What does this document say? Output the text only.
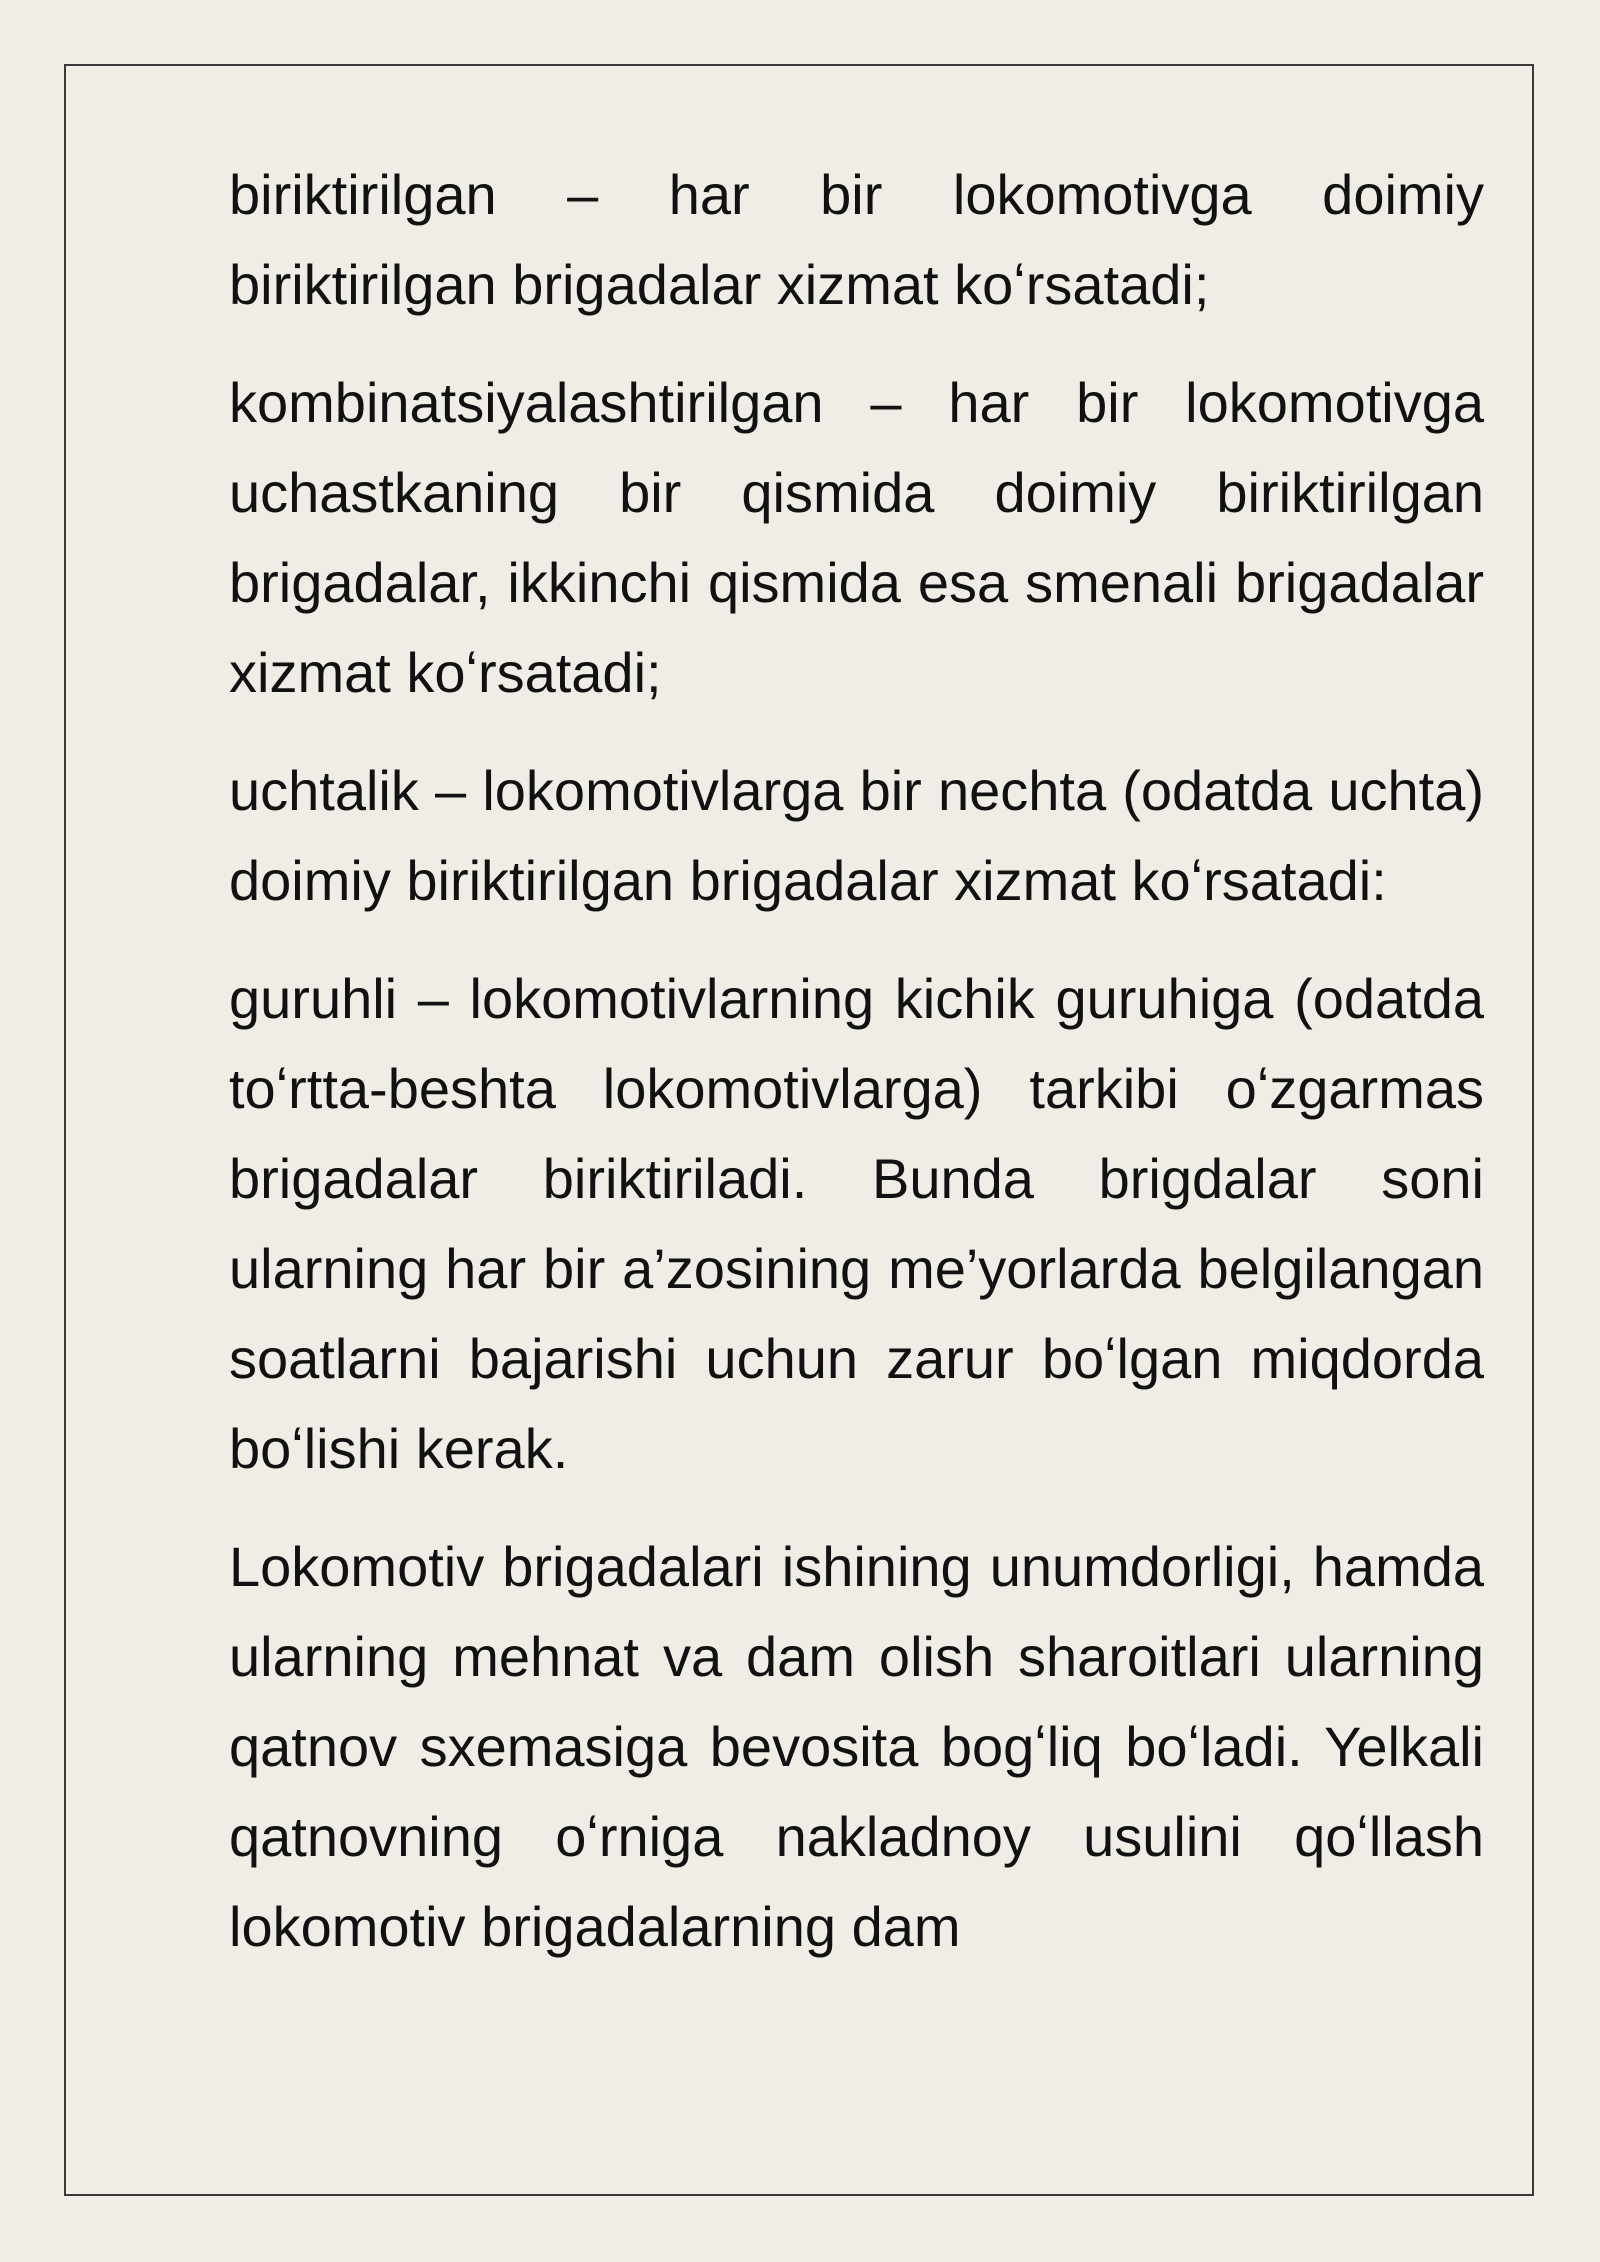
biriktirilgan – har bir lokomotivga doimiy biriktirilgan brigadalar xizmat koʻrsatadi;

kombinatsiyalashtirilgan – har bir lokomotivga uchastkaning bir qismida doimiy biriktirilgan brigadalar, ikkinchi qismida esa smenali brigadalar xizmat koʻrsatadi;

uchtalik – lokomotivlarga bir nechta (odatda uchta) doimiy biriktirilgan brigadalar xizmat koʻrsatadi:

guruhli – lokomotivlarning kichik guruhiga (odatda toʻrtta-beshta lokomotivlarga) tarkibi oʻzgarmas brigadalar biriktiriladi. Bunda brigdalar soni ularning har bir a’zosining me’yorlarda belgilangan soatlarni bajarishi uchun zarur boʻlgan miqdorda boʻlishi kerak.

Lokomotiv brigadalari ishining unumdorligi, hamda ularning mehnat va dam olish sharoitlari ularning qatnov sxemasiga bevosita bogʻliq boʻladi. Yelkali qatnovning oʻrniga nakladnoy usulini qoʻllash lokomotiv brigadalarning dam
